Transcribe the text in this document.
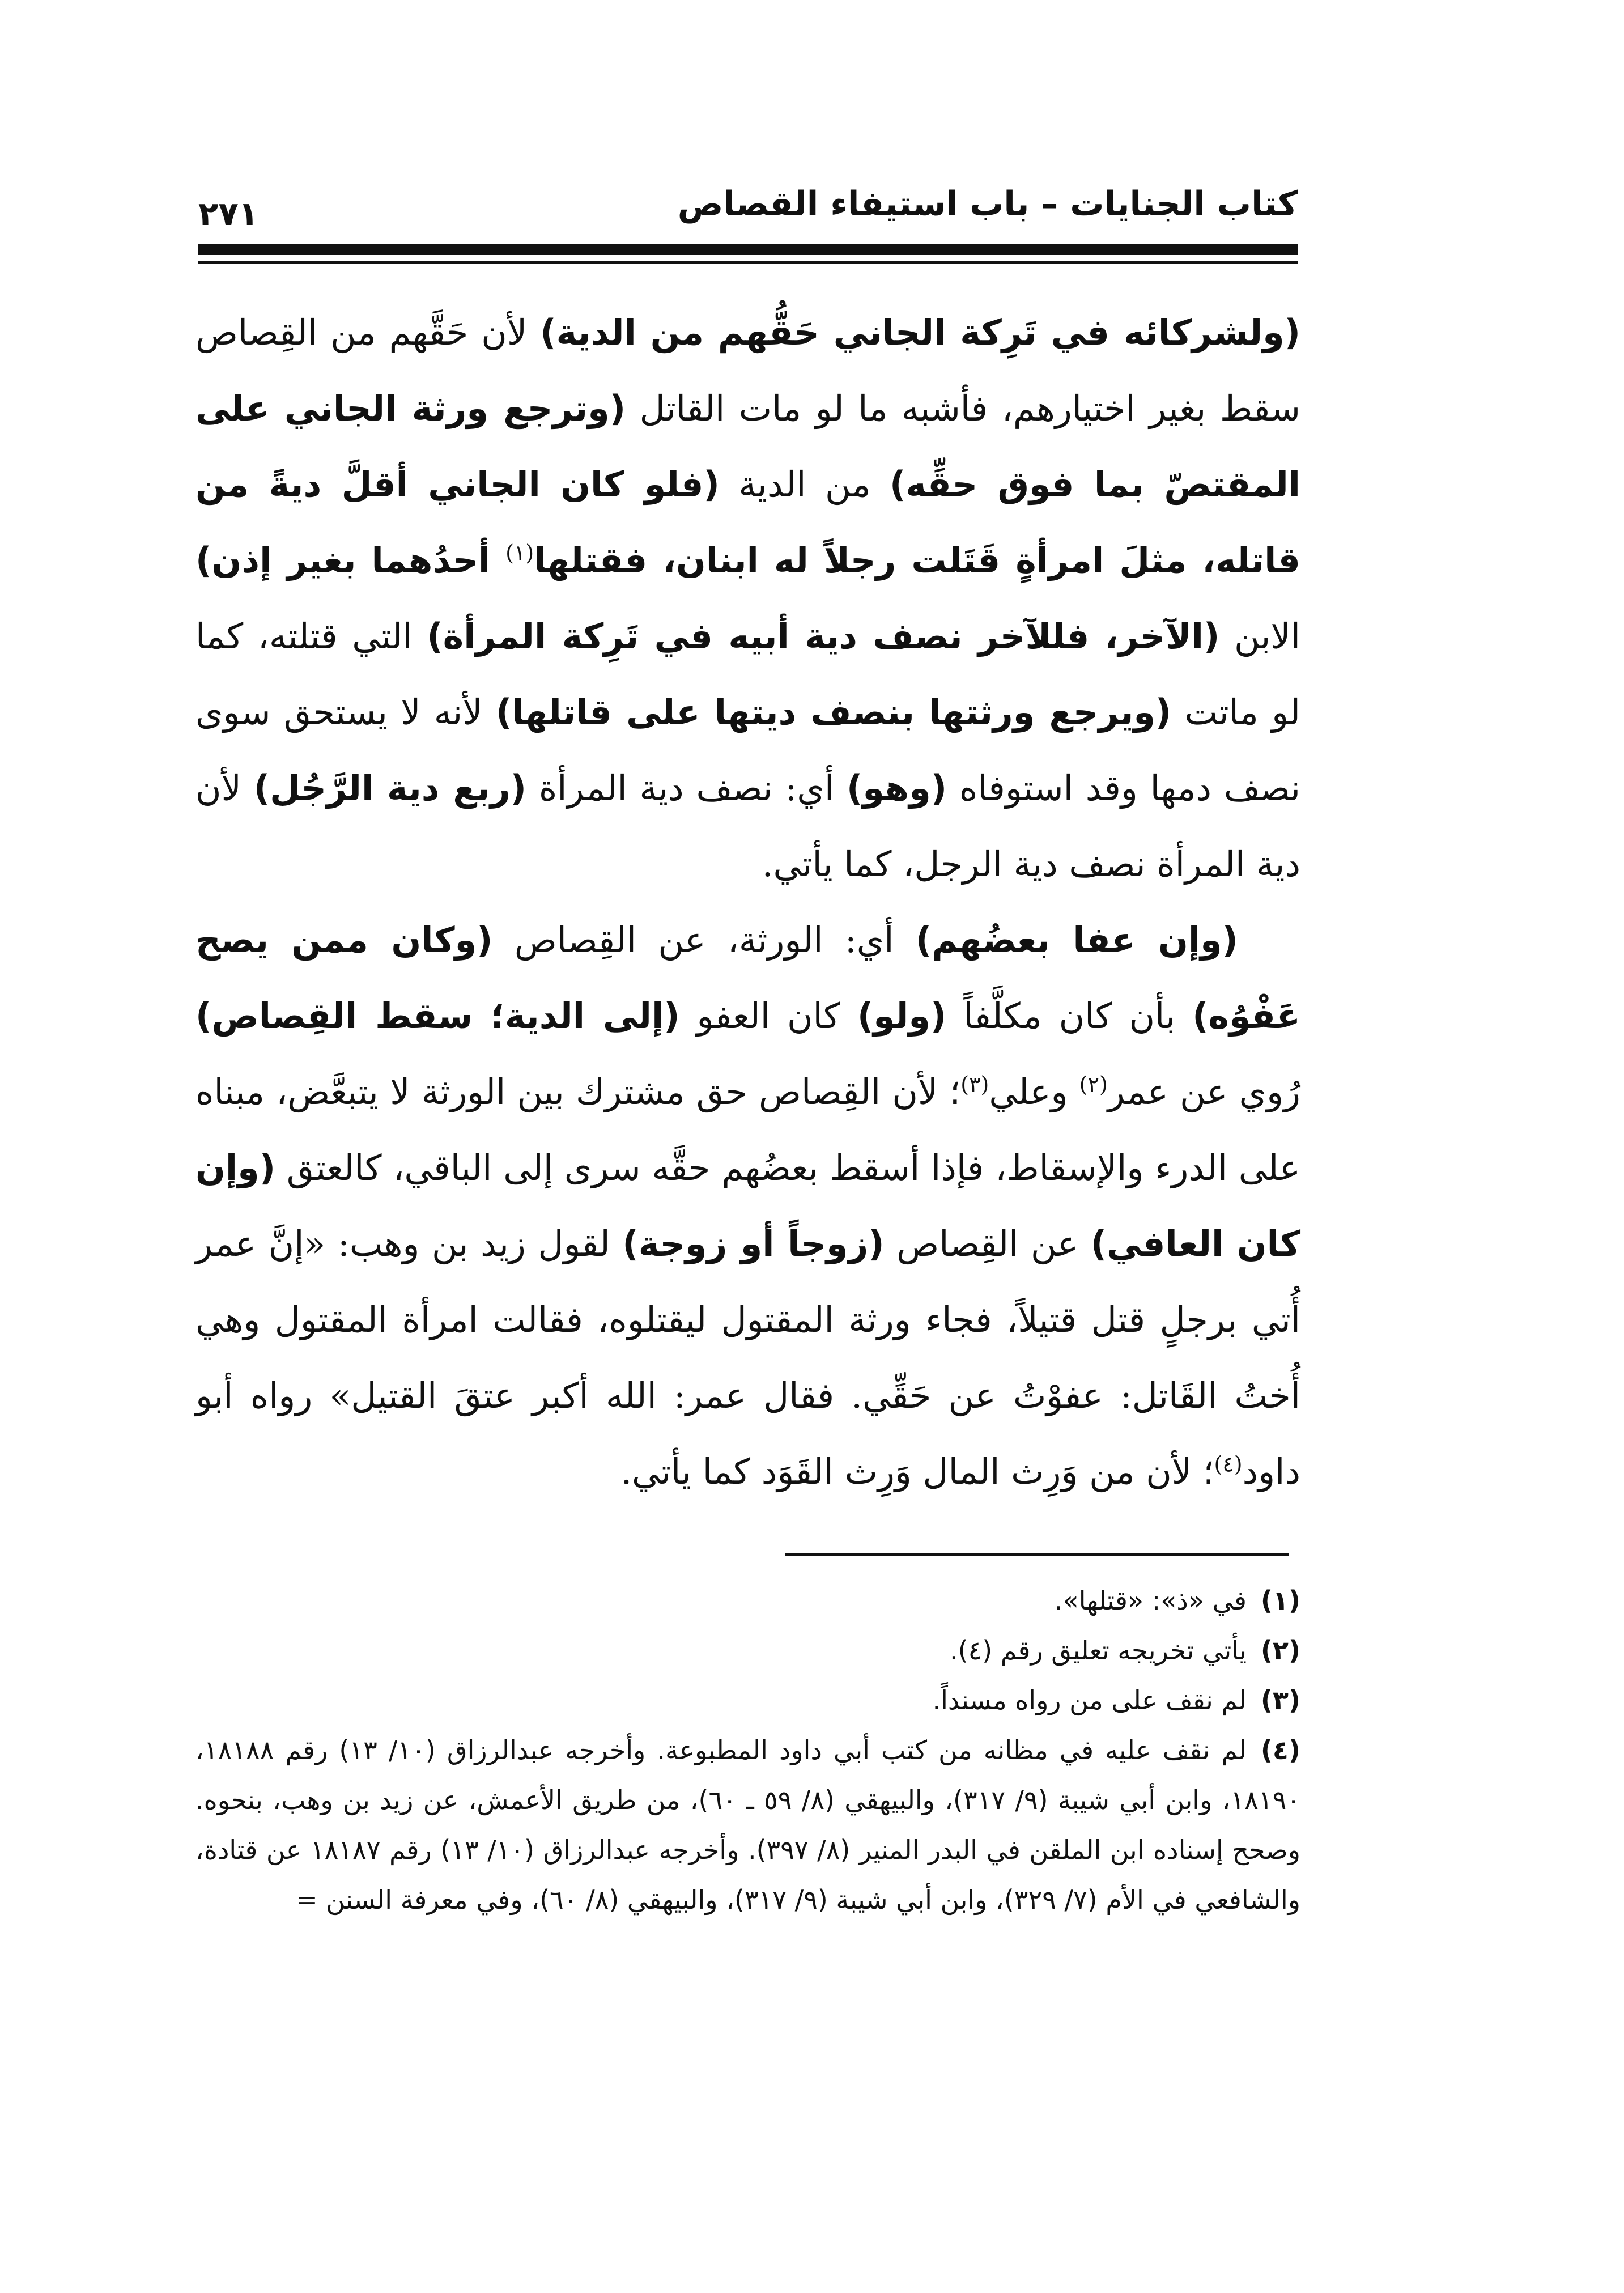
كتاب الجنايات – باب استيفاء القصاص
٢٧١

(ولشركائه في تَرِكة الجاني حَقُّهم من الدية) لأن حَقَّهم من القِصاص سقط بغير اختيارهم، فأشبه ما لو مات القاتل (وترجع ورثة الجاني على المقتصّ بما فوق حقِّه) من الدية (فلو كان الجاني أقلَّ ديةً من قاتله، مثلَ امرأةٍ قَتَلت رجلاً له ابنان، فقتلها$^{(١)}$ أحدُهما بغير إذن) الابن (الآخر، فللآخر نصف دية أبيه في تَرِكة المرأة) التي قتلته، كما لو ماتت (ويرجع ورثتها بنصف ديتها على قاتلها) لأنه لا يستحق سوى نصف دمها وقد استوفاه (وهو) أي: نصف دية المرأة (ربع دية الرَّجُل) لأن دية المرأة نصف دية الرجل، كما يأتي.

(وإن عفا بعضُهم) أي: الورثة، عن القِصاص (وكان ممن يصح عَفْوُه) بأن كان مكلَّفاً (ولو) كان العفو (إلى الدية؛ سقط القِصاص) رُوي عن عمر$^{(٢)}$ وعلي$^{(٣)}$؛ لأن القِصاص حق مشترك بين الورثة لا يتبعَّض، مبناه على الدرء والإسقاط، فإذا أسقط بعضُهم حقَّه سرى إلى الباقي، كالعتق (وإن كان العافي) عن القِصاص (زوجاً أو زوجة) لقول زيد بن وهب: «إنَّ عمر أُتي برجلٍ قتل قتيلاً، فجاء ورثة المقتول ليقتلوه، فقالت امرأة المقتول وهي أُختُ القَاتل: عفوْتُ عن حَقِّي. فقال عمر: الله أكبر عتقَ القتيل» رواه أبو داود$^{(٤)}$؛ لأن من وَرِث المال وَرِث القَوَد كما يأتي.

(١)في «ذ»: «قتلها».

(٢)يأتي تخريجه تعليق رقم (٤).

(٣)لم نقف على من رواه مسنداً.

(٤)لم نقف عليه في مظانه من كتب أبي داود المطبوعة. وأخرجه عبدالرزاق (١٠/ ١٣) رقم ١٨١٨٨، ١٨١٩٠، وابن أبي شيبة (٩/ ٣١٧)، والبيهقي (٨/ ٥٩ ـ ٦٠)، من طريق الأعمش، عن زيد بن وهب، بنحوه. وصحح إسناده ابن الملقن في البدر المنير (٨/ ٣٩٧). وأخرجه عبدالرزاق (١٠/ ١٣) رقم ١٨١٨٧ عن قتادة، والشافعي في الأم (٧/ ٣٢٩)، وابن أبي شيبة (٩/ ٣١٧)، والبيهقي (٨/ ٦٠)، وفي معرفة السنن =
